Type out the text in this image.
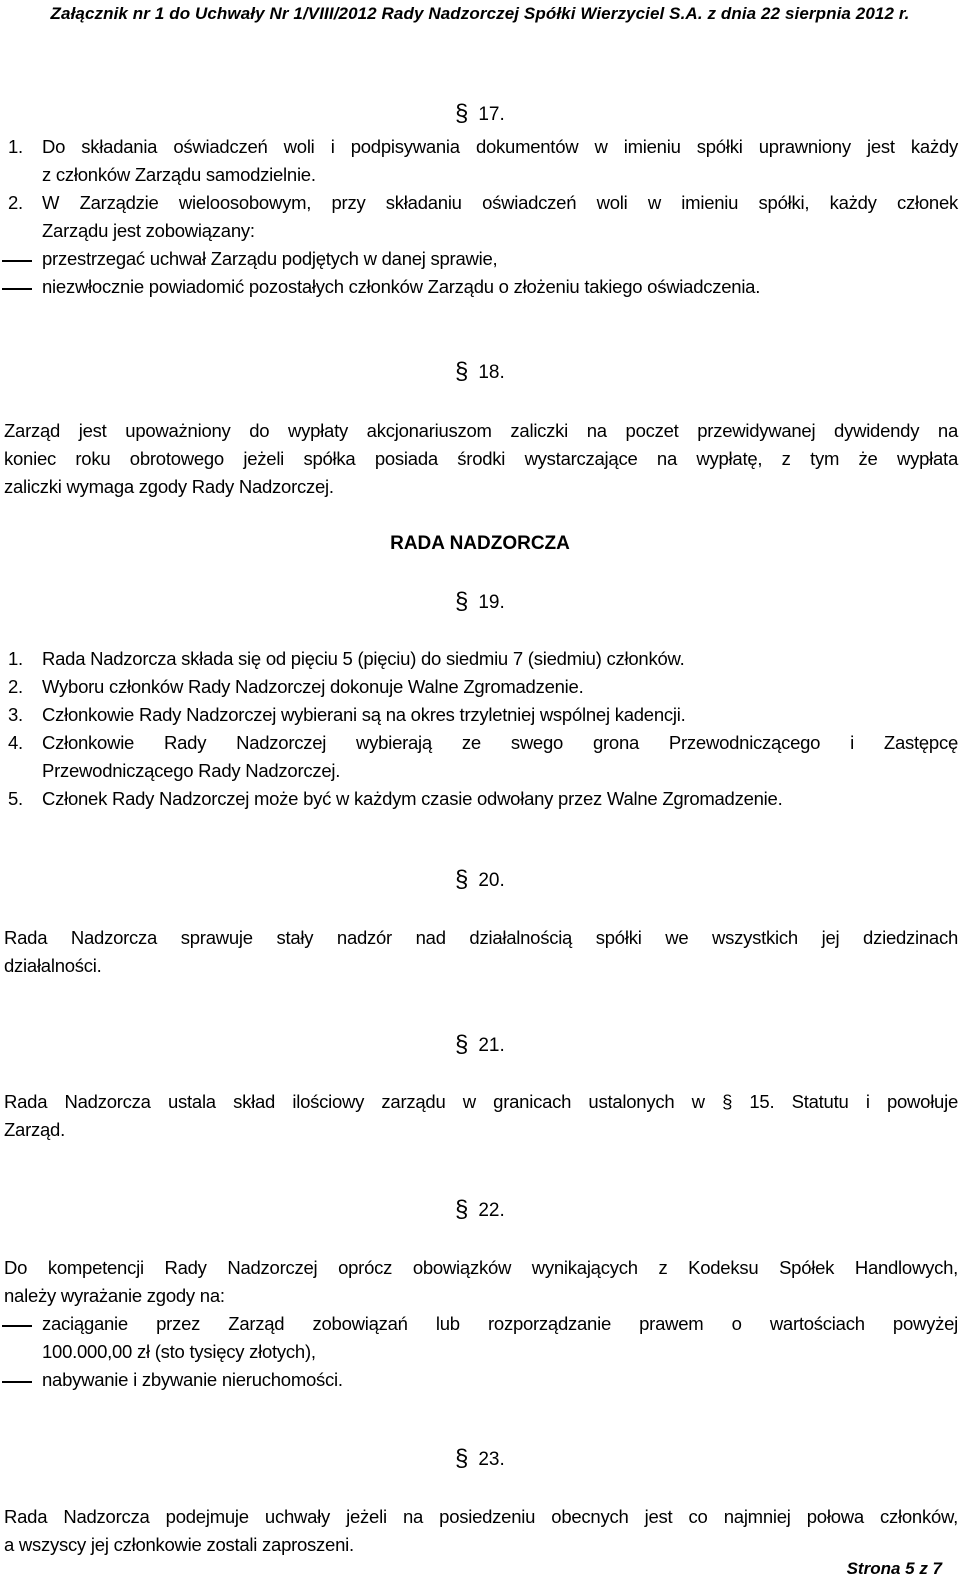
Załącznik nr 1 do Uchwały Nr 1/VIII/2012 Rady Nadzorczej Spółki Wierzyciel S.A. z dnia 22 sierpnia 2012 r.
§ 17.
1.	Do składania oświadczeń woli i podpisywania dokumentów w imieniu spółki uprawniony jest każdy
z członków Zarządu samodzielnie.
2.	W Zarządzie wieloosobowym, przy składaniu oświadczeń woli w imieniu spółki, każdy członek
Zarządu jest zobowiązany:
przestrzegać uchwał Zarządu podjętych w danej sprawie,
niezwłocznie powiadomić pozostałych członków Zarządu o złożeniu takiego oświadczenia.
§ 18.
Zarząd jest upoważniony do wypłaty akcjonariuszom zaliczki na poczet przewidywanej dywidendy na
koniec roku obrotowego jeżeli spółka posiada środki wystarczające na wypłatę, z tym że wypłata
zaliczki wymaga zgody Rady Nadzorczej.
RADA NADZORCZA
§ 19.
1.	Rada Nadzorcza składa się od pięciu 5 (pięciu) do siedmiu 7 (siedmiu) członków.
2.	Wyboru członków Rady Nadzorczej dokonuje Walne Zgromadzenie.
3.	Członkowie Rady Nadzorczej wybierani są na okres trzyletniej wspólnej kadencji.
4.	Członkowie Rady Nadzorczej wybierają ze swego grona Przewodniczącego i Zastępcę
Przewodniczącego Rady Nadzorczej.
5.	Członek Rady Nadzorczej może być w każdym czasie odwołany przez Walne Zgromadzenie.
§ 20.
Rada Nadzorcza sprawuje stały nadzór nad działalnością spółki we wszystkich jej dziedzinach
działalności.
§ 21.
Rada Nadzorcza ustala skład ilościowy zarządu w granicach ustalonych w § 15. Statutu i powołuje
Zarząd.
§ 22.
Do kompetencji Rady Nadzorczej oprócz obowiązków wynikających z Kodeksu Spółek Handlowych,
należy wyrażanie zgody na:
zaciąganie przez Zarząd zobowiązań lub rozporządzanie prawem o wartościach powyżej
100.000,00 zł (sto tysięcy złotych),
nabywanie i zbywanie nieruchomości.
§ 23.
Rada Nadzorcza podejmuje uchwały jeżeli na posiedzeniu obecnych jest co najmniej połowa członków,
a wszyscy jej członkowie zostali zaproszeni.
Strona 5 z 7
